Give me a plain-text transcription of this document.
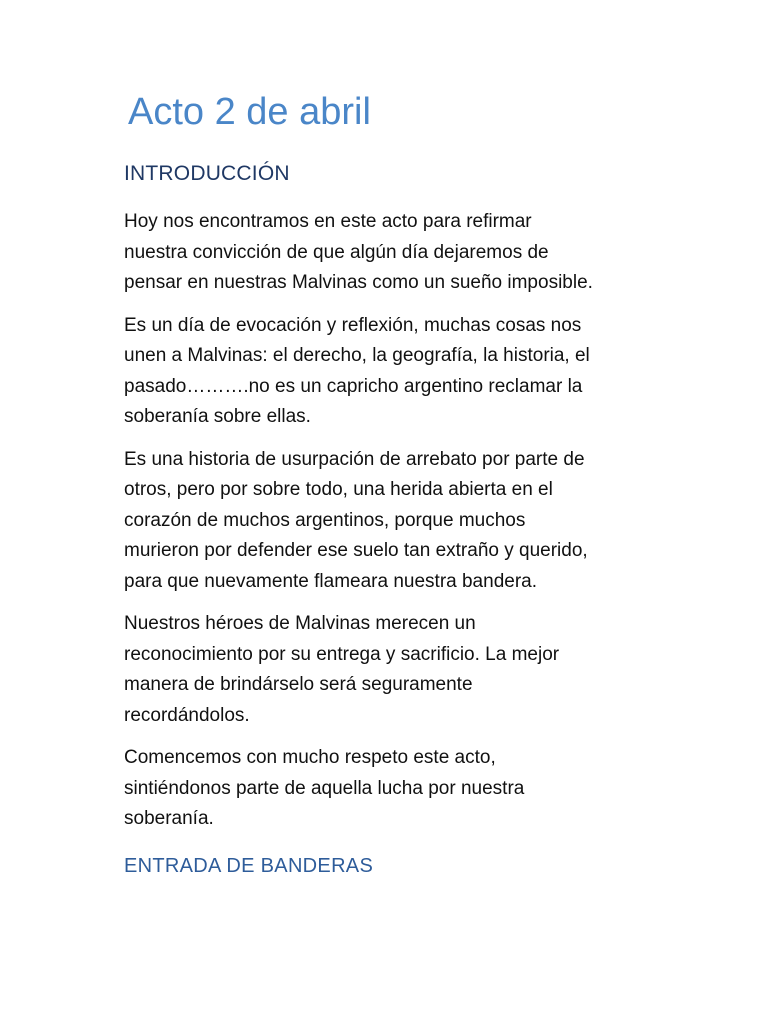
Acto 2 de abril
INTRODUCCIÓN

Hoy nos encontramos en este acto para refirmar
nuestra convicción de que algún día dejaremos de
pensar en nuestras Malvinas como un sueño imposible.

Es un día de evocación y reflexión, muchas cosas nos
unen a Malvinas: el derecho, la geografía, la historia, el
pasado……….no es un capricho argentino reclamar la
soberanía sobre ellas.

Es una historia de usurpación de arrebato por parte de
otros, pero por sobre todo, una herida abierta en el
corazón de muchos argentinos, porque muchos
murieron por defender ese suelo tan extraño y querido,
para que nuevamente flameara nuestra bandera.

Nuestros héroes de Malvinas merecen un
reconocimiento por su entrega y sacrificio. La mejor
manera de brindárselo será seguramente
recordándolos.

Comencemos con mucho respeto este acto,
sintiéndonos parte de aquella lucha por nuestra
soberanía.

ENTRADA DE BANDERAS
